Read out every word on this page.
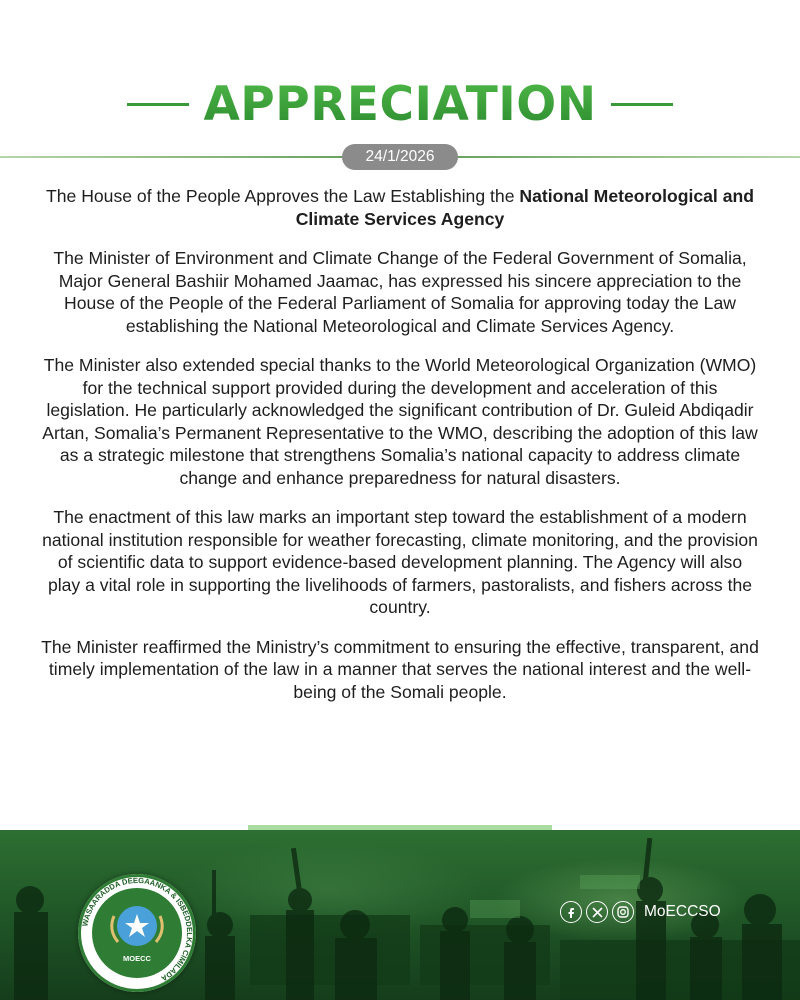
APPRECIATION
24/1/2026

The House of the People Approves the Law Establishing the National Meteorological and Climate Services Agency

The Minister of Environment and Climate Change of the Federal Government of Somalia, Major General Bashiir Mohamed Jaamac, has expressed his sincere appreciation to the House of the People of the Federal Parliament of Somalia for approving today the Law establishing the National Meteorological and Climate Services Agency.

The Minister also extended special thanks to the World Meteorological Organization (WMO) for the technical support provided during the development and acceleration of this legislation. He particularly acknowledged the significant contribution of Dr. Guleid Abdiqadir Artan, Somalia’s Permanent Representative to the WMO, describing the adoption of this law as a strategic milestone that strengthens Somalia’s national capacity to address climate change and enhance preparedness for natural disasters.

The enactment of this law marks an important step toward the establishment of a modern national institution responsible for weather forecasting, climate monitoring, and the provision of scientific data to support evidence-based development planning. The Agency will also play a vital role in supporting the livelihoods of farmers, pastoralists, and fishers across the country.

The Minister reaffirmed the Ministry’s commitment to ensuring the effective, transparent, and timely implementation of the law in a manner that serves the national interest and the well-being of the Somali people.

WASAARADDA DEEGAANKA & ISBEDDELKA CIMILADA
MOECC
MoECCSO
